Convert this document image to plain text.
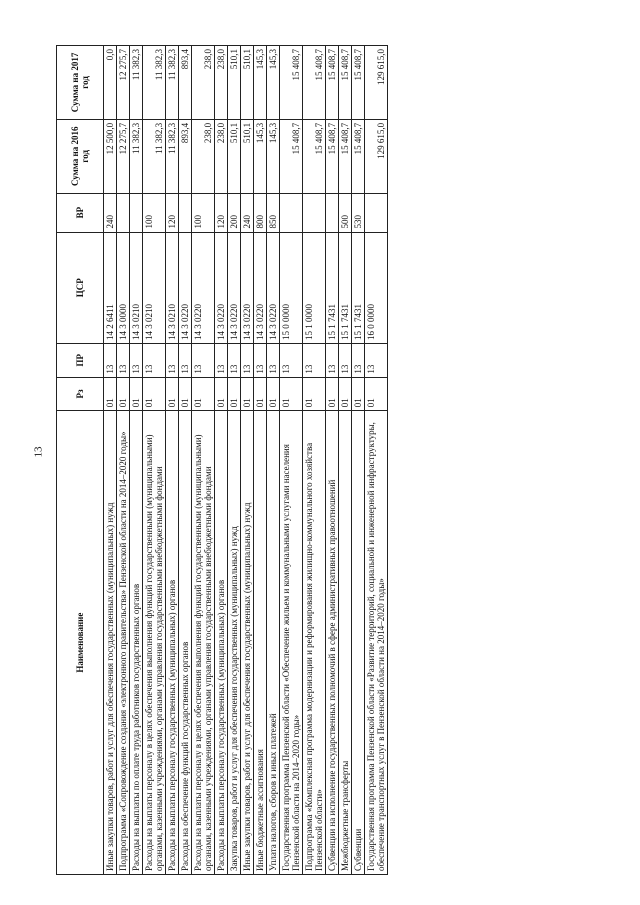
13
Наименование	Рз	ПР	ЦСР	ВР	Сумма на 2016 год	Сумма на 2017 год
Иные закупки товаров, работ и услуг для обеспечения государственных (муниципальных) нужд	01	13	14 2 6411	240	12 500,0	0,0
Подпрограмма «Сопровождение создания «электронного правительства» Пензенской области на 2014–2020 годы»	01	13	14 3 0000		12 275,7	12 275,7
Расходы на выплаты по оплате труда работников государственных органов	01	13	14 3 0210		11 382,3	11 382,3
Расходы на выплаты персоналу в целях обеспечения выполнения функций государственными (муниципальными) органами, казенными учреждениями, органами управления государственными внебюджетными фондами	01	13	14 3 0210	100	11 382,3	11 382,3
Расходы на выплаты персоналу государственных (муниципальных) органов	01	13	14 3 0210	120	11 382,3	11 382,3
Расходы на обеспечение функций государственных органов	01	13	14 3 0220		893,4	893,4
Расходы на выплаты персоналу в целях обеспечения выполнения функций государственными (муниципальными) органами, казенными учреждениями, органами управления государственными внебюджетными фондами	01	13	14 3 0220	100	238,0	238,0
Расходы на выплаты персоналу государственных (муниципальных) органов	01	13	14 3 0220	120	238,0	238,0
Закупка товаров, работ и услуг для обеспечения государственных (муниципальных) нужд	01	13	14 3 0220	200	510,1	510,1
Иные закупки товаров, работ и услуг для обеспечения государственных (муниципальных) нужд	01	13	14 3 0220	240	510,1	510,1
Иные бюджетные ассигнования	01	13	14 3 0220	800	145,3	145,3
Уплата налогов, сборов и иных платежей	01	13	14 3 0220	850	145,3	145,3
Государственная программа Пензенской области «Обеспечение жильем и коммунальными услугами населения Пензенской области на 2014–2020 годы»	01	13	15 0 0000		15 408,7	15 408,7
Подпрограмма «Комплексная программа модернизации и реформирования жилищно-коммунального хозяйства Пензенской области»	01	13	15 1 0000		15 408,7	15 408,7
Субвенции на исполнение государственных полномочий в сфере административных правоотношений	01	13	15 1 7431		15 408,7	15 408,7
Межбюджетные трансферты	01	13	15 1 7431	500	15 408,7	15 408,7
Субвенции	01	13	15 1 7431	530	15 408,7	15 408,7
Государственная программа Пензенской области «Развитие территорий, социальной и инженерной инфраструктуры, обеспечение транспортных услуг в Пензенской области на 2014–2020 годы»	01	13	16 0 0000		129 615,0	129 615,0
